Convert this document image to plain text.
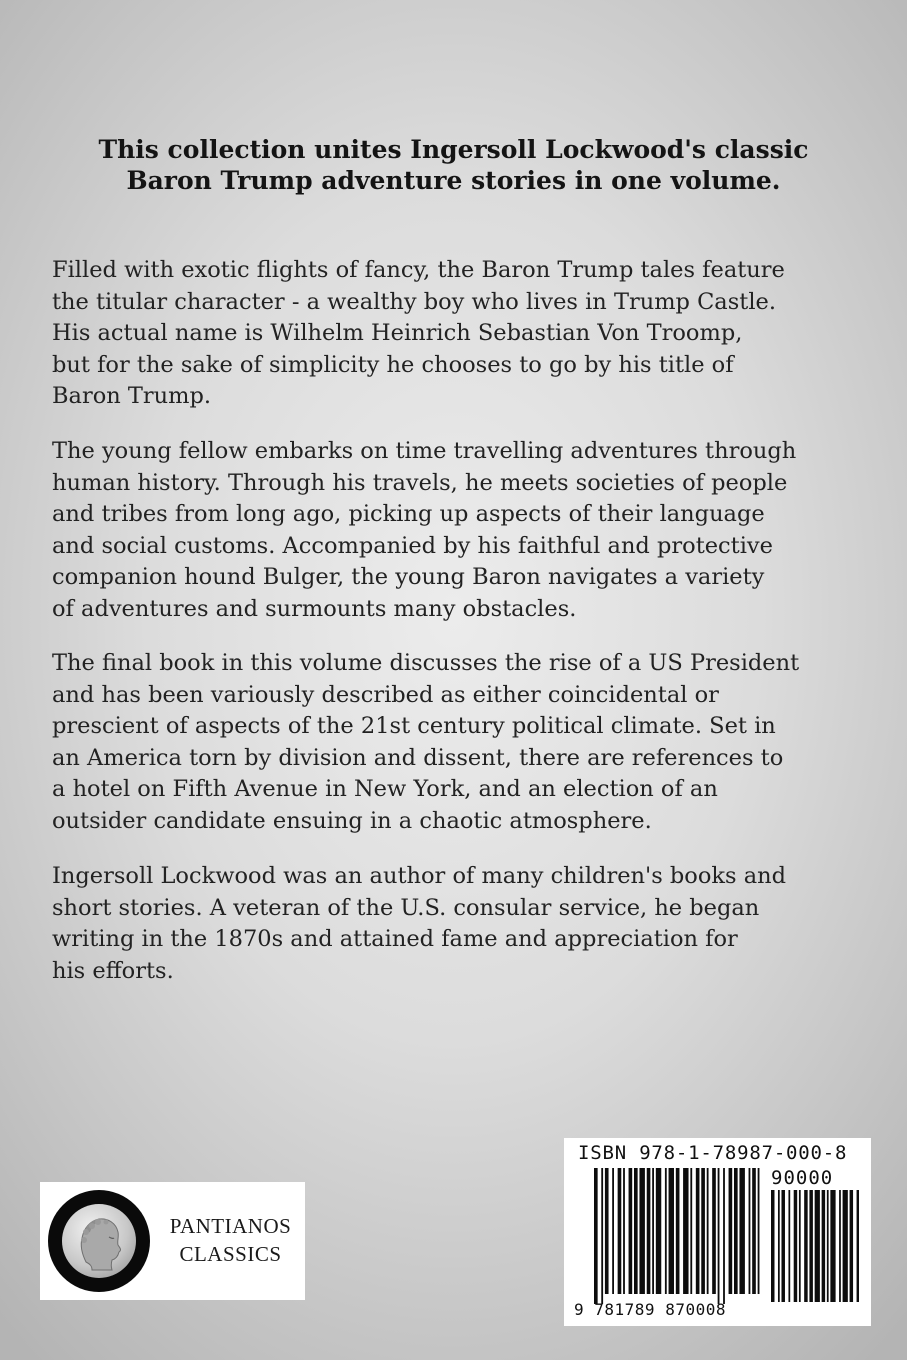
This collection unites Ingersoll Lockwood's classic
Baron Trump adventure stories in one volume.
Filled with exotic flights of fancy, the Baron Trump tales feature
the titular character - a wealthy boy who lives in Trump Castle.
His actual name is Wilhelm Heinrich Sebastian Von Troomp,
but for the sake of simplicity he chooses to go by his title of
Baron Trump.
The young fellow embarks on time travelling adventures through
human history. Through his travels, he meets societies of people
and tribes from long ago, picking up aspects of their language
and social customs. Accompanied by his faithful and protective
companion hound Bulger, the young Baron navigates a variety
of adventures and surmounts many obstacles.
The final book in this volume discusses the rise of a US President
and has been variously described as either coincidental or
prescient of aspects of the 21st century political climate. Set in
an America torn by division and dissent, there are references to
a hotel on Fifth Avenue in New York, and an election of an
outsider candidate ensuing in a chaotic atmosphere.
Ingersoll Lockwood was an author of many children's books and
short stories. A veteran of the U.S. consular service, he began
writing in the 1870s and attained fame and appreciation for
his efforts.
PANTIANOS
CLASSICS
ISBN 978-1-78987-000-8
90000
9 781789 870008
